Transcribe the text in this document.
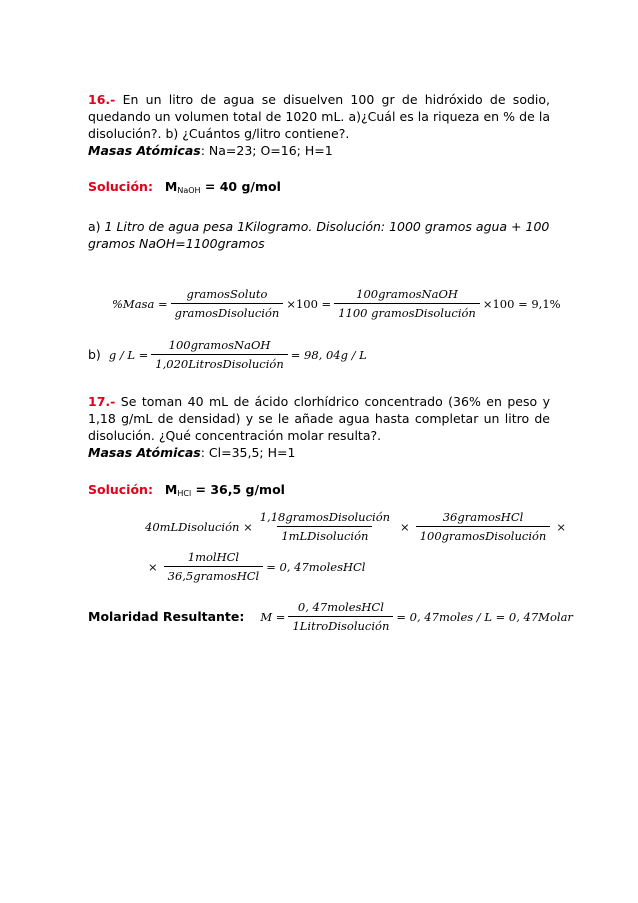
16.- En un litro de agua se disuelven 100 gr de hidróxido de sodio, quedando un volumen total de 1020 mL. a)¿Cuál es la riqueza en % de la disolución?. b) ¿Cuántos g/litro contiene?.

Masas Atómicas: Na=23; O=16; H=1

Solución: $M_{NaOH} = 40$ g/mol

a) 1 Litro de agua pesa 1Kilogramo. Disolución: 1000 gramos agua + 100 gramos NaOH=1100gramos

%Masa = $\frac{\text{gramosSoluto}}{\text{gramosDisolución}} \times 100 = \frac{\text{100gramosNaOH}}{\text{1100 gramosDisolución}} \times 100 = 9,1\%$
b) $g / L = \frac{\text{100gramosNaOH}}{\text{1,020LitrosDisolución}} = 98$, 04g / L

17.- Se toman 40 mL de ácido clorhídrico concentrado (36% en peso y 1,18 g/mL de densidad) y se le añade agua hasta completar un litro de disolución. ¿Qué concentración molar resulta?.

Masas Atómicas: Cl=35,5; H=1

Solución: $M_{HCl} = 36,5$ g/mol

40mLDisolución × $\frac{\text{1,18gramosDisolución}}{\text{1mLDisolución}} \times \frac{\text{36gramosHCl}}{\text{100gramosDisolución}}$ ×
× $\frac{\text{1molHCl}}{\text{36,5gramosHCl}} = 0$, 47molesHCl
Molaridad Resultante: $M = \frac{\text{0, 47molesHCl}}{\text{1LitroDisolución}} = 0$, 47moles / L = 0, 47Molar
